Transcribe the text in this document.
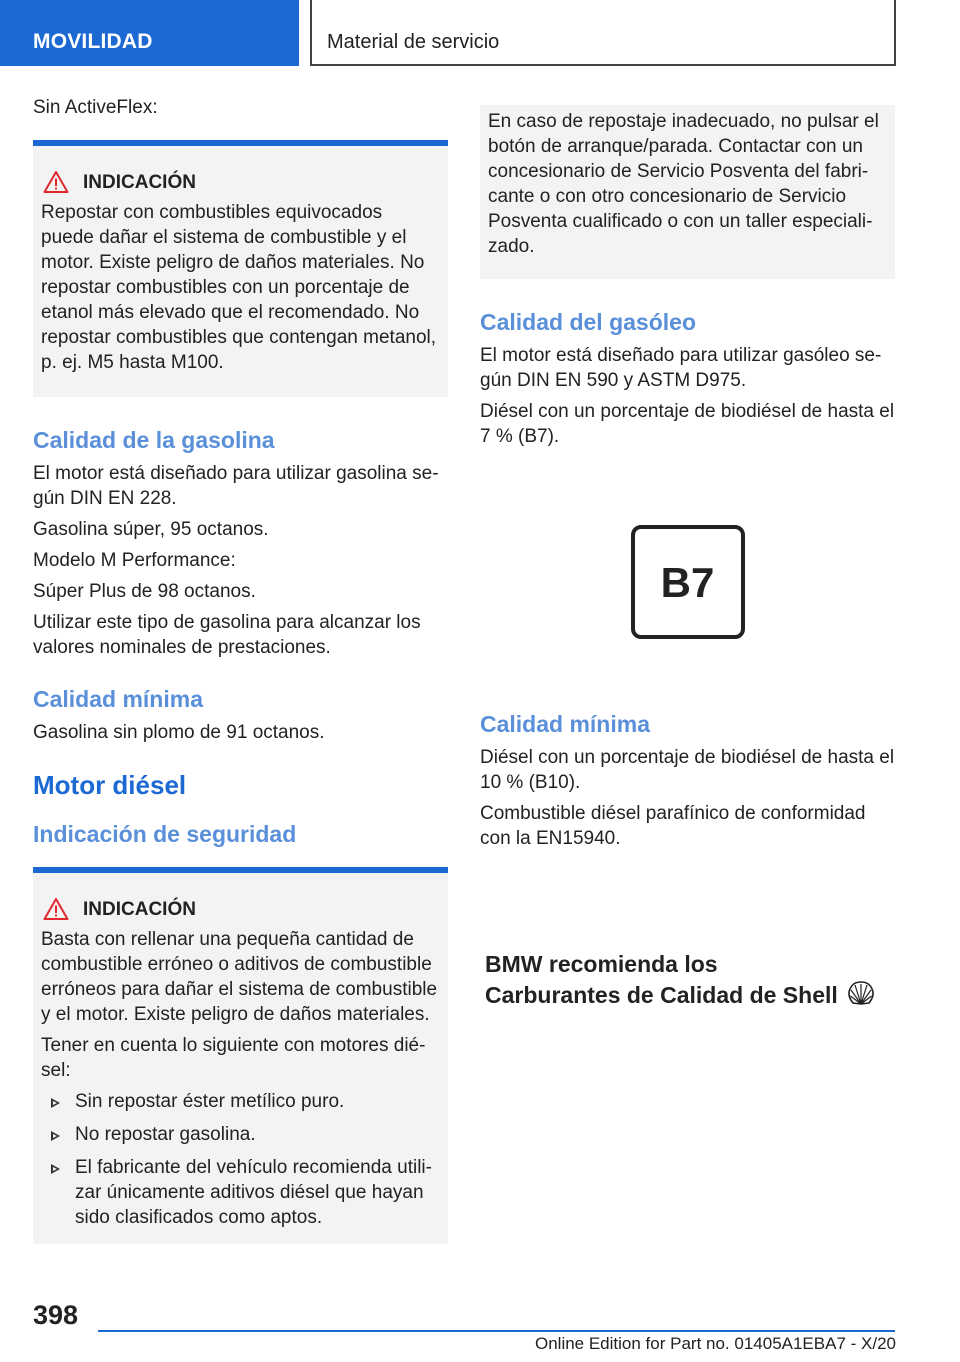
MOVILIDAD	Material de servicio

Sin ActiveFlex:

INDICACIÓN

Repostar con combustibles equivocados puede dañar el sistema de combustible y el motor. Existe peligro de daños materiales. No repostar combustibles con un porcentaje de etanol más elevado que el recomendado. No repostar combustibles que contengan metanol, p. ej. M5 hasta M100.

Calidad de la gasolina

El motor está diseñado para utilizar gasolina según DIN EN 228.

Gasolina súper, 95 octanos.

Modelo M Performance:

Súper Plus de 98 octanos.

Utilizar este tipo de gasolina para alcanzar los valores nominales de prestaciones.

Calidad mínima

Gasolina sin plomo de 91 octanos.

Motor diésel
Indicación de seguridad
INDICACIÓN

Basta con rellenar una pequeña cantidad de combustible erróneo o aditivos de combustible erróneos para dañar el sistema de combustible y el motor. Existe peligro de daños materiales.

Tener en cuenta lo siguiente con motores diésel:

Sin repostar éster metílico puro.
No repostar gasolina.
El fabricante del vehículo recomienda utilizar únicamente aditivos diésel que hayan sido clasificados como aptos.

En caso de repostaje inadecuado, no pulsar el botón de arranque/parada. Contactar con un concesionario de Servicio Posventa del fabricante o con otro concesionario de Servicio Posventa cualificado o con un taller especializado.

Calidad del gasóleo

El motor está diseñado para utilizar gasóleo según DIN EN 590 y ASTM D975.

Diésel con un porcentaje de biodiésel de hasta el 7 % (B7).

B7
Calidad mínima

Diésel con un porcentaje de biodiésel de hasta el 10 % (B10).

Combustible diésel parafínico de conformidad con la EN15940.

BMW recomienda los
Carburantes de Calidad de Shell
398
Online Edition for Part no. 01405A1EBA7 - X/20
